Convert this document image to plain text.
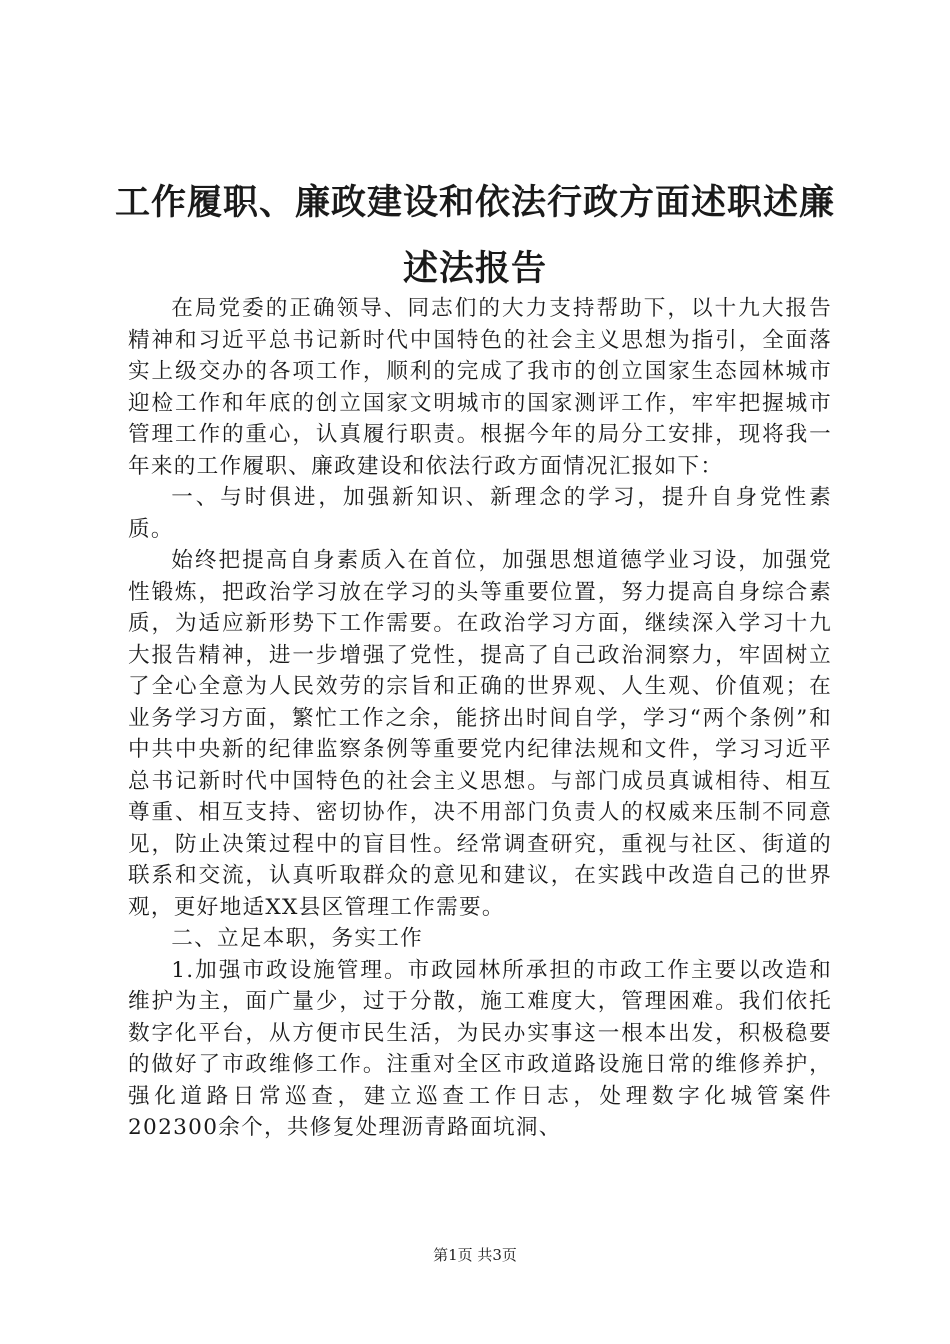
工作履职、廉政建设和依法行政方面述职述廉述法报告

在局党委的正确领导、同志们的大力支持帮助下，以十九大报告精神和习近平总书记新时代中国特色的社会主义思想为指引，全面落实上级交办的各项工作，顺利的完成了我市的创立国家生态园林城市迎检工作和年底的创立国家文明城市的国家测评工作，牢牢把握城市管理工作的重心，认真履行职责。根据今年的局分工安排，现将我一年来的工作履职、廉政建设和依法行政方面情况汇报如下：

一、与时俱进，加强新知识、新理念的学习，提升自身党性素质。

始终把提高自身素质入在首位，加强思想道德学业习设，加强党性锻炼，把政治学习放在学习的头等重要位置，努力提高自身综合素质，为适应新形势下工作需要。在政治学习方面，继续深入学习十九大报告精神，进一步增强了党性，提高了自己政治洞察力，牢固树立了全心全意为人民效劳的宗旨和正确的世界观、人生观、价值观；在业务学习方面，繁忙工作之余，能挤出时间自学，学习“两个条例”和中共中央新的纪律监察条例等重要党内纪律法规和文件，学习习近平总书记新时代中国特色的社会主义思想。与部门成员真诚相待、相互尊重、相互支持、密切协作，决不用部门负责人的权威来压制不同意见，防止决策过程中的盲目性。经常调查研究，重视与社区、街道的联系和交流，认真听取群众的意见和建议，在实践中改造自己的世界观，更好地适XX县区管理工作需要。

二、立足本职，务实工作

1.加强市政设施管理。市政园林所承担的市政工作主要以改造和维护为主，面广量少，过于分散，施工难度大，管理困难。我们依托数字化平台，从方便市民生活，为民办实事这一根本出发，积极稳要的做好了市政维修工作。注重对全区市政道路设施日常的维修养护，强化道路日常巡查，建立巡查工作日志，处理数字化城管案件202300余个，共修复处理沥青路面坑洞、

第1页 共3页
